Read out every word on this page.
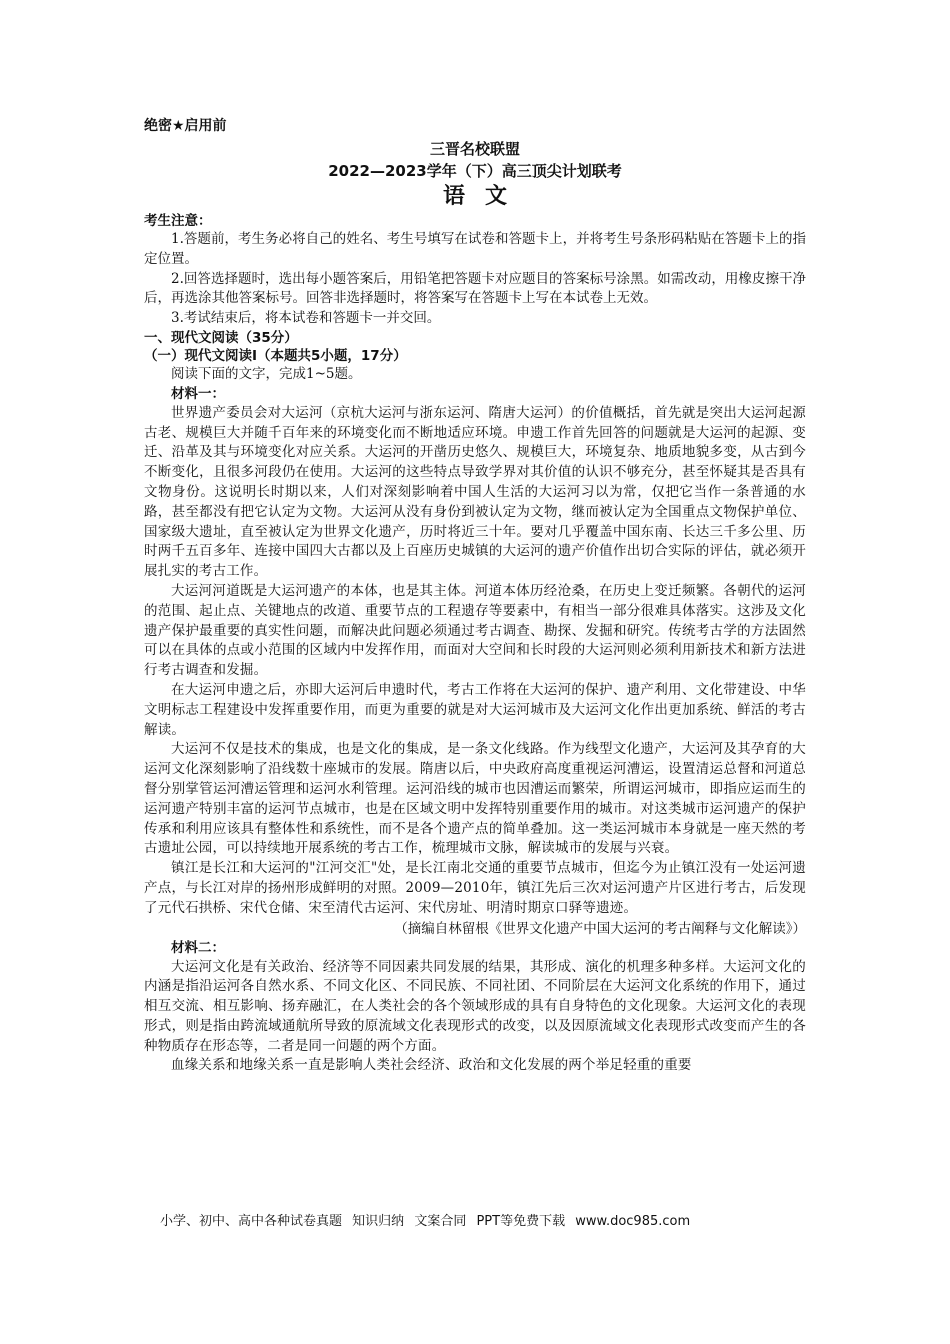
绝密★启用前
三晋名校联盟
2022—2023学年（下）高三顶尖计划联考
语文
考生注意：

1.答题前，考生务必将自己的姓名、考生号填写在试卷和答题卡上，并将考生号条形码粘贴在答题卡上的指定位置。

2.回答选择题时，选出每小题答案后，用铅笔把答题卡对应题目的答案标号涂黑。如需改动，用橡皮擦干净后，再选涂其他答案标号。回答非选择题时，将答案写在答题卡上写在本试卷上无效。

3.考试结束后，将本试卷和答题卡一并交回。

一、现代文阅读（35分）
（一）现代文阅读Ⅰ（本题共5小题，17分）

阅读下面的文字，完成1~5题。

材料一：

世界遗产委员会对大运河（京杭大运河与浙东运河、隋唐大运河）的价值概括，首先就是突出大运河起源古老、规模巨大并随千百年来的环境变化而不断地适应环境。申遗工作首先回答的问题就是大运河的起源、变迁、沿革及其与环境变化对应关系。大运河的开凿历史悠久、规模巨大，环境复杂、地质地貌多变，从古到今不断变化，且很多河段仍在使用。大运河的这些特点导致学界对其价值的认识不够充分，甚至怀疑其是否具有文物身份。这说明长时期以来，人们对深刻影响着中国人生活的大运河习以为常，仅把它当作一条普通的水路，甚至都没有把它认定为文物。大运河从没有身份到被认定为文物，继而被认定为全国重点文物保护单位、国家级大遗址，直至被认定为世界文化遗产，历时将近三十年。要对几乎覆盖中国东南、长达三千多公里、历时两千五百多年、连接中国四大古都以及上百座历史城镇的大运河的遗产价值作出切合实际的评估，就必须开展扎实的考古工作。

大运河河道既是大运河遗产的本体，也是其主体。河道本体历经沧桑，在历史上变迁频繁。各朝代的运河的范围、起止点、关键地点的改道、重要节点的工程遗存等要素中，有相当一部分很难具体落实。这涉及文化遗产保护最重要的真实性问题，而解决此问题必须通过考古调查、勘探、发掘和研究。传统考古学的方法固然可以在具体的点或小范围的区域内中发挥作用，而面对大空间和长时段的大运河则必须利用新技术和新方法进行考古调查和发掘。

在大运河申遗之后，亦即大运河后申遗时代，考古工作将在大运河的保护、遗产利用、文化带建设、中华文明标志工程建设中发挥重要作用，而更为重要的就是对大运河城市及大运河文化作出更加系统、鲜活的考古解读。

大运河不仅是技术的集成，也是文化的集成，是一条文化线路。作为线型文化遗产，大运河及其孕育的大运河文化深刻影响了沿线数十座城市的发展。隋唐以后，中央政府高度重视运河漕运，设置清运总督和河道总督分别掌管运河漕运管理和运河水利管理。运河沿线的城市也因漕运而繁荣，所谓运河城市，即指应运而生的运河遗产特别丰富的运河节点城市，也是在区域文明中发挥特别重要作用的城市。对这类城市运河遗产的保护传承和利用应该具有整体性和系统性，而不是各个遗产点的简单叠加。这一类运河城市本身就是一座天然的考古遗址公园，可以持续地开展系统的考古工作，梳理城市文脉，解读城市的发展与兴衰。

镇江是长江和大运河的"江河交汇"处，是长江南北交通的重要节点城市，但迄今为止镇江没有一处运河遗产点，与长江对岸的扬州形成鲜明的对照。2009—2010年，镇江先后三次对运河遗产片区进行考古，后发现了元代石拱桥、宋代仓储、宋至清代古运河、宋代房址、明清时期京口驿等遗迹。

（摘编自林留根《世界文化遗产中国大运河的考古阐释与文化解读》）

材料二：

大运河文化是有关政治、经济等不同因素共同发展的结果，其形成、演化的机理多种多样。大运河文化的内涵是指沿运河各自然水系、不同文化区、不同民族、不同社团、不同阶层在大运河文化系统的作用下，通过相互交流、相互影响、扬弃融汇，在人类社会的各个领域形成的具有自身特色的文化现象。大运河文化的表现形式，则是指由跨流域通航所导致的原流域文化表现形式的改变，以及因原流域文化表现形式改变而产生的各种物质存在形态等，二者是同一问题的两个方面。

血缘关系和地缘关系一直是影响人类社会经济、政治和文化发展的两个举足轻重的重要

小学、初中、高中各种试卷真题 知识归纳 文案合同 PPT等免费下载 www.doc985.com
